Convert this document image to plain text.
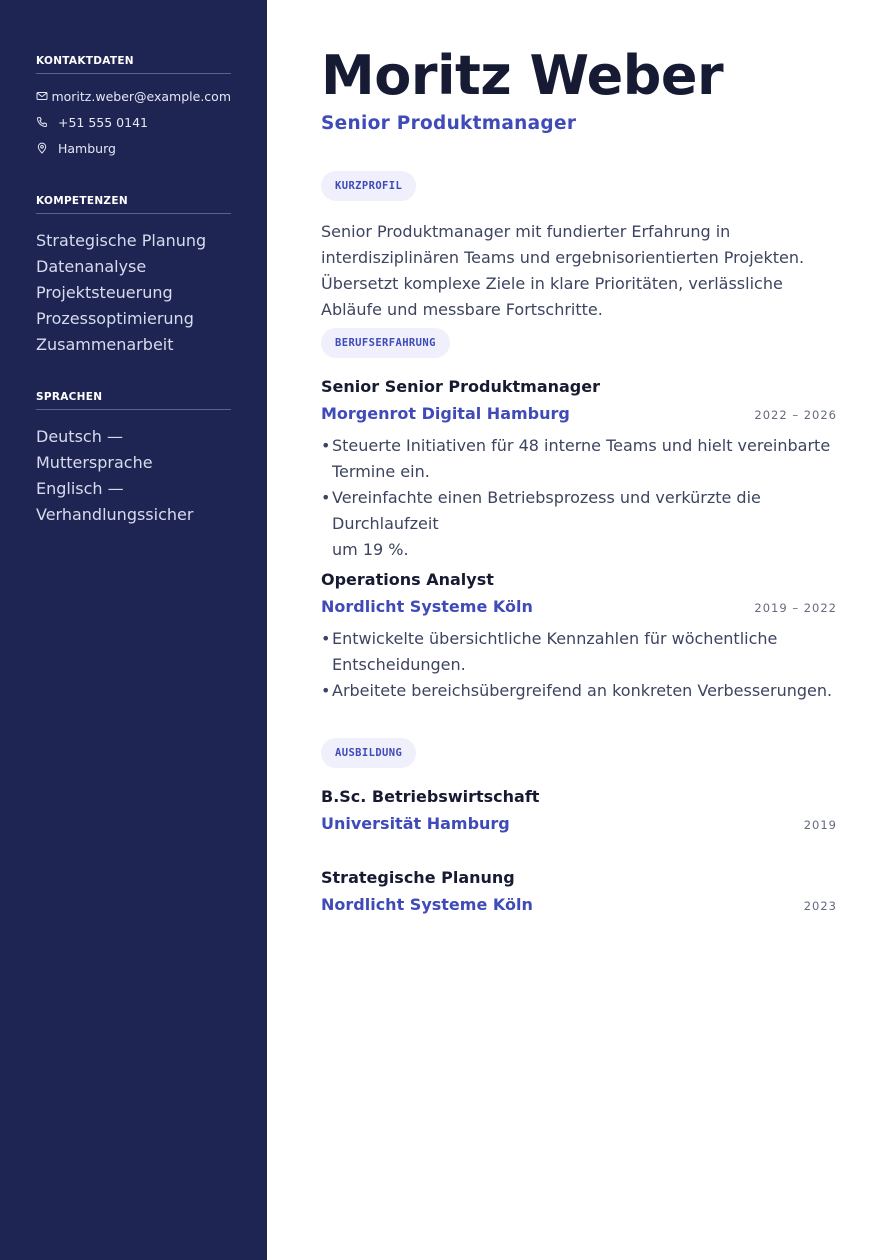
KONTAKTDATEN
moritz.weber@example.com
+51 555 0141
Hamburg
KOMPETENZEN
Strategische Planung
Datenanalyse
Projektsteuerung
Prozessoptimierung
Zusammenarbeit
SPRACHEN
Deutsch — Muttersprache
Englisch —
Verhandlungssicher
Moritz Weber
Senior Produktmanager
KURZPROFIL

Senior Produktmanager mit fundierter Erfahrung in interdisziplinären Teams und ergebnisorientierten Projekten. Übersetzt komplexe Ziele in klare Prioritäten, verlässliche Abläufe und messbare Fortschritte.

BERUFSERFAHRUNG
Senior Senior Produktmanager
Morgenrot Digital Hamburg	2022 – 2026
• Steuerte Initiativen für 48 interne Teams und hielt vereinbarte
Termine ein.
• Vereinfachte einen Betriebsprozess und verkürzte die Durchlaufzeit
um 19 %.
Operations Analyst
Nordlicht Systeme Köln	2019 – 2022
• Entwickelte übersichtliche Kennzahlen für wöchentliche
Entscheidungen.
• Arbeitete bereichsübergreifend an konkreten Verbesserungen.
AUSBILDUNG
B.Sc. Betriebswirtschaft
Universität Hamburg	2019
Strategische Planung
Nordlicht Systeme Köln	2023
